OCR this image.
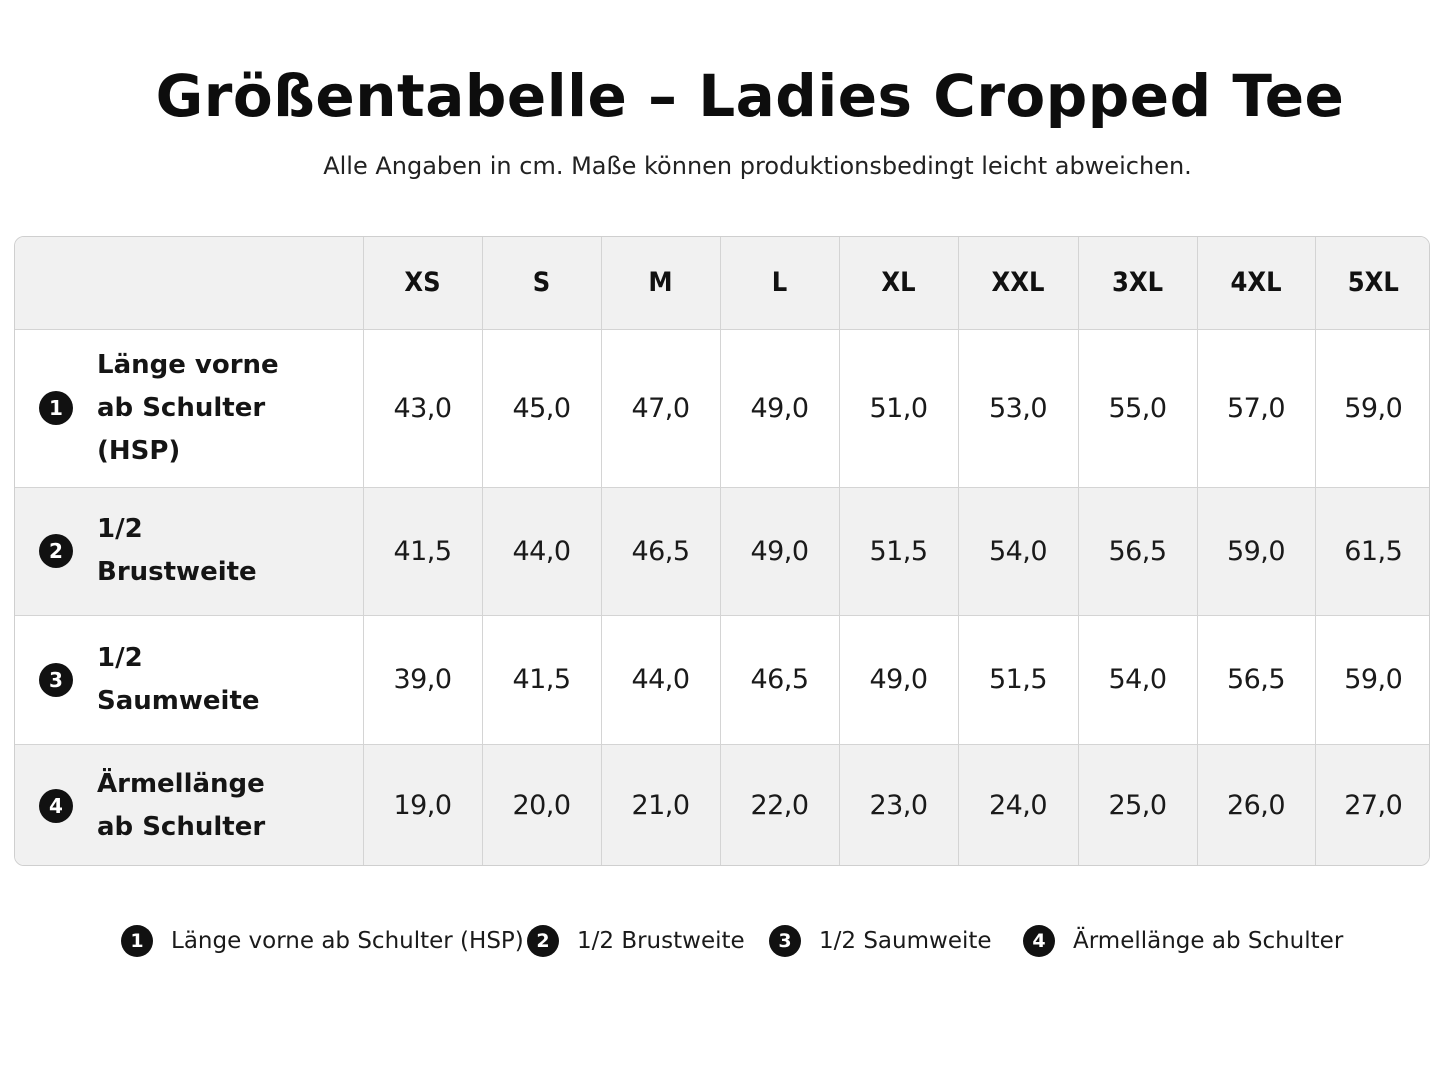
Größentabelle – Ladies Cropped Tee
Alle Angaben in cm. Maße können produktionsbedingt leicht abweichen.
	XS	S	M	L	XL	XXL	3XL	4XL	5XL

1
Länge vorne ab Schulter (HSP)	43,0	45,0	47,0	49,0	51,0	53,0	55,0	57,0	59,0

2
1/2 Brustweite	41,5	44,0	46,5	49,0	51,5	54,0	56,5	59,0	61,5

3
1/2 Saumweite	39,0	41,5	44,0	46,5	49,0	51,5	54,0	56,5	59,0

4
Ärmellänge ab Schulter	19,0	20,0	21,0	22,0	23,0	24,0	25,0	26,0	27,0
1	Länge vorne ab Schulter (HSP) 2	1/2 Brustweite	3	1/2 Saumweite	4	Ärmellänge ab Schulter
